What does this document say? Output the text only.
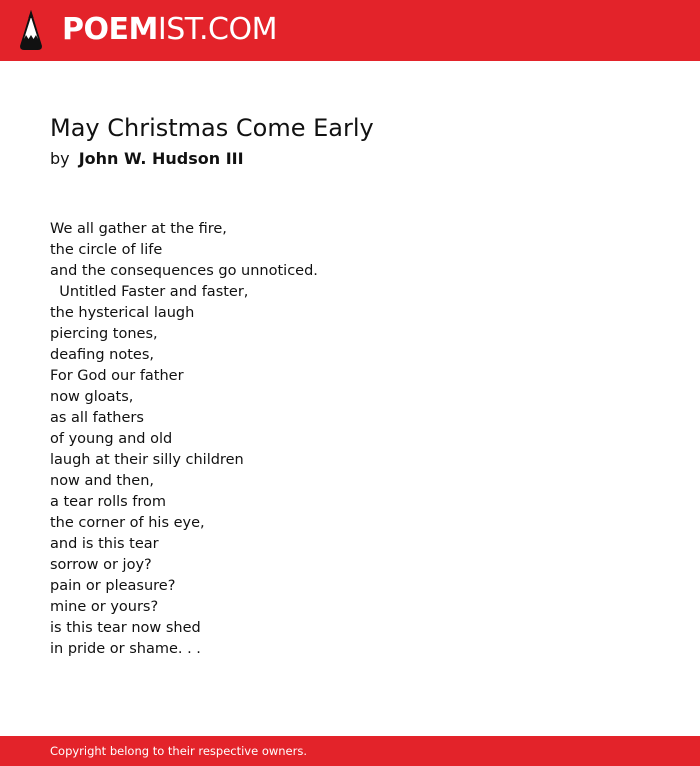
POEMIST.COM
May Christmas Come Early
by John W. Hudson III
We all gather at the fire,
the circle of life
and the consequences go unnoticed.
Untitled Faster and faster,
the hysterical laugh
piercing tones,
deafing notes,
For God our father
now gloats,
as all fathers
of young and old
laugh at their silly children
now and then,
a tear rolls from
the corner of his eye,
and is this tear
sorrow or joy?
pain or pleasure?
mine or yours?
is this tear now shed
in pride or shame. . .
Copyright belong to their respective owners.
